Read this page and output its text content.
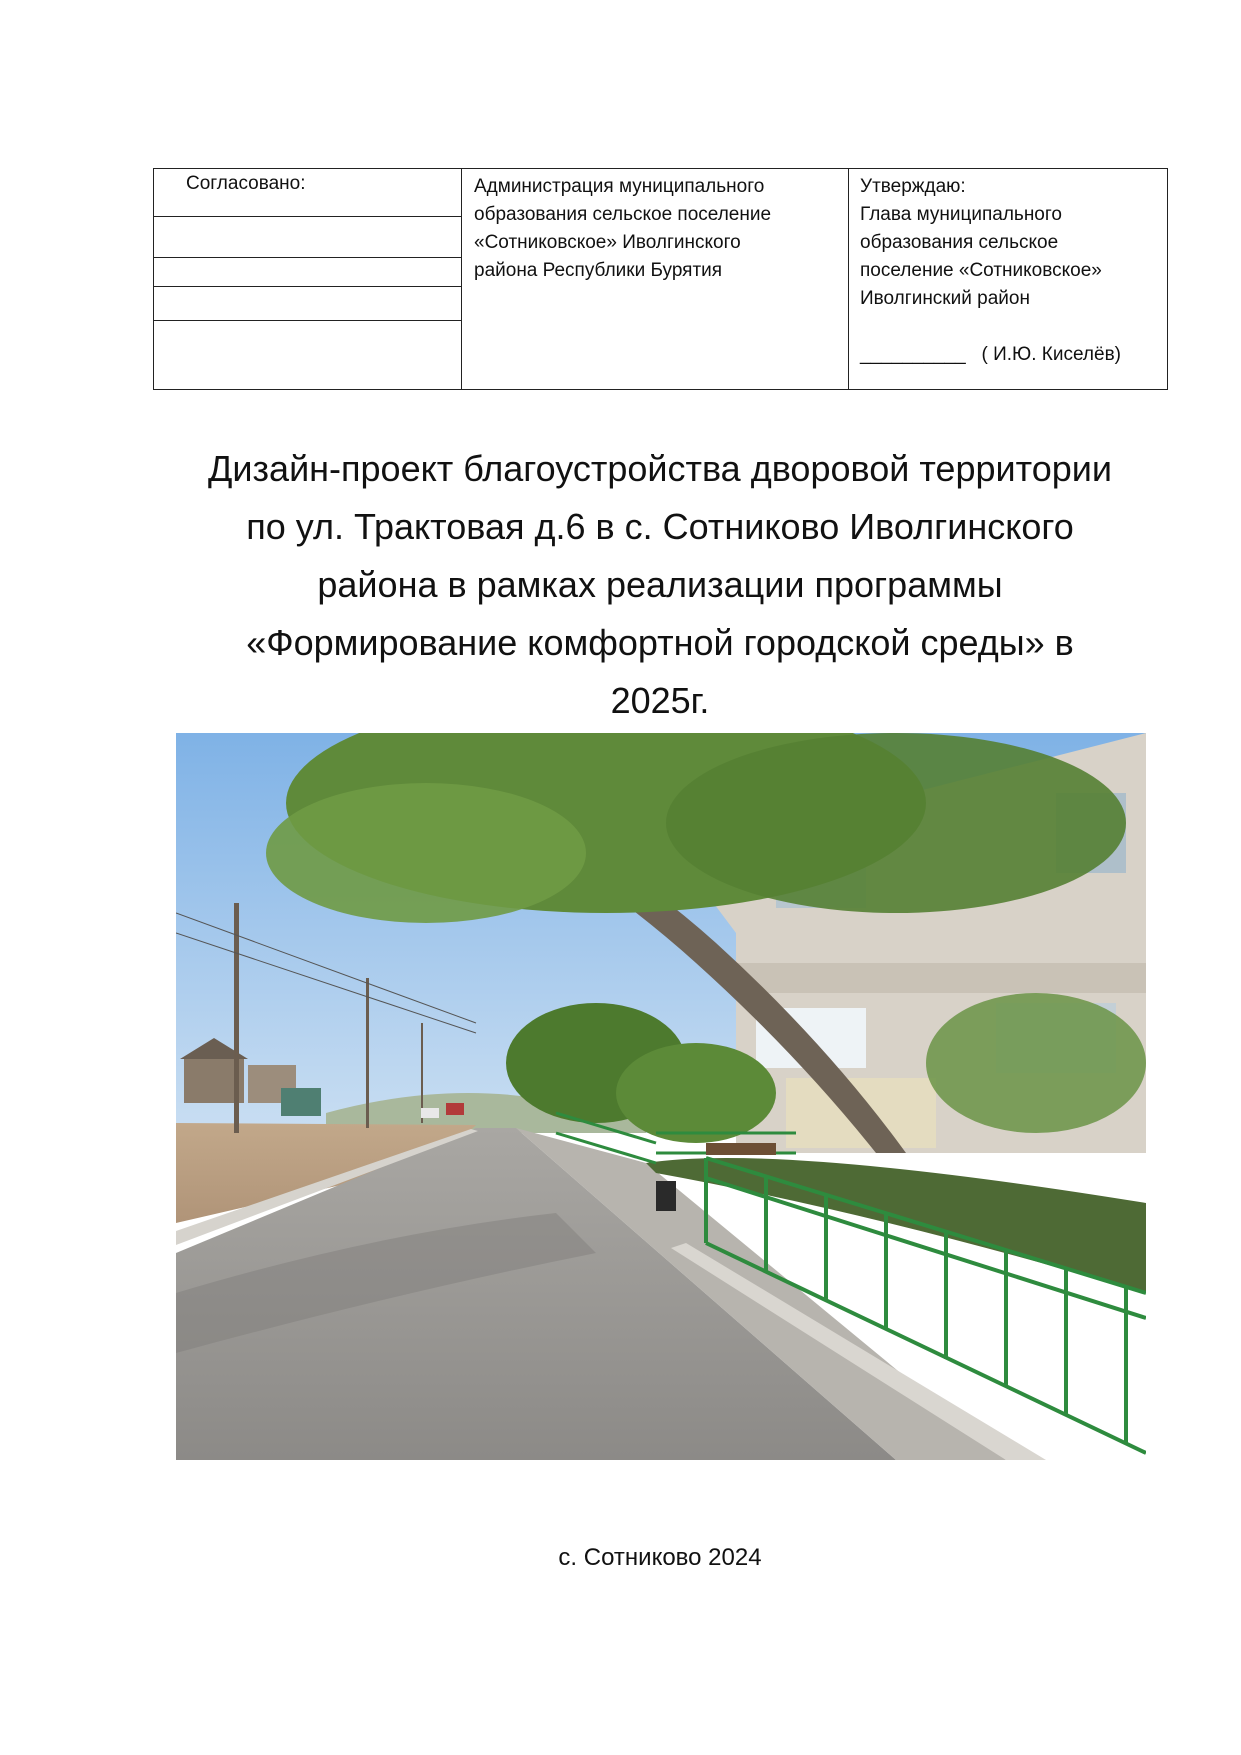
Согласовано:	Администрация муниципального
образования сельское поселение
«Сотниковское» Иволгинского
района Республики Бурятия
Утверждаю:
Глава муниципального
образования сельское
поселение «Сотниковское»
Иволгинский район
__________ ( И.Ю. Киселёв)
Дизайн-проект благоустройства дворовой территории
по ул. Трактовая д.6 в с. Сотниково Иволгинского
района в рамках реализации программы
«Формирование комфортной городской среды» в
2025г.
с. Сотниково 2024
